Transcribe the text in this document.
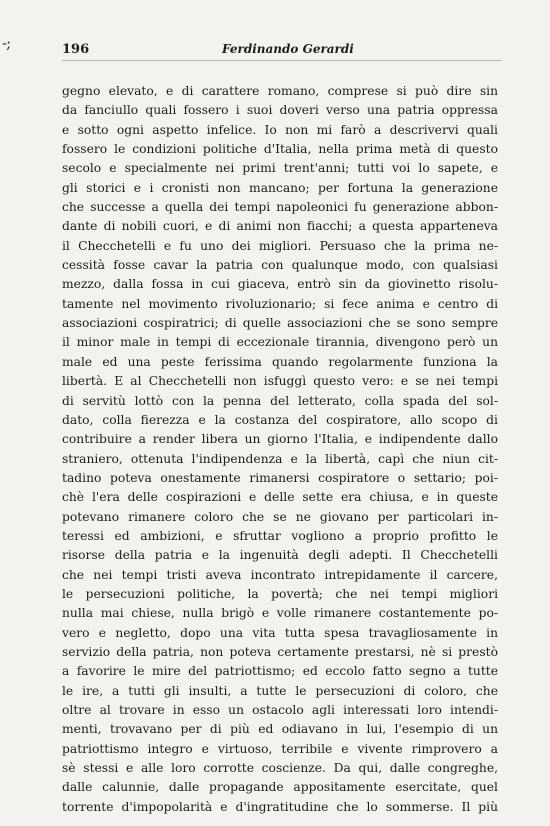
-;	196	Ferdinando Gerardi
gegno elevato, e di carattere romano, comprese si può dire sin
da fanciullo quali fossero i suoi doveri verso una patria oppressa
e sotto ogni aspetto infelice. Io non mi farò a descrivervi quali
fossero le condizioni politiche d'Italia, nella prima metà di questo
secolo e specialmente nei primi trent'anni; tutti voi lo sapete, e
gli storici e i cronisti non mancano; per fortuna la generazione
che successe a quella dei tempi napoleonici fu generazione abbon-
dante di nobili cuori, e di animi non fiacchi; a questa apparteneva
il Checchetelli e fu uno dei migliori. Persuaso che la prima ne-
cessità fosse cavar la patria con qualunque modo, con qualsiasi
mezzo, dalla fossa in cui giaceva, entrò sin da giovinetto risolu-
tamente nel movimento rivoluzionario; si fece anima e centro di
associazioni cospiratrici; di quelle associazioni che se sono sempre
il minor male in tempi di eccezionale tirannia, divengono però un
male ed una peste ferissima quando regolarmente funziona la
libertà. E al Checchetelli non isfuggì questo vero: e se nei tempi
di servitù lottò con la penna del letterato, colla spada del sol-
dato, colla fierezza e la costanza del cospiratore, allo scopo di
contribuire a render libera un giorno l'Italia, e indipendente dallo
straniero, ottenuta l'indipendenza e la libertà, capì che niun cit-
tadino poteva onestamente rimanersi cospiratore o settario; poi-
chè l'era delle cospirazioni e delle sette era chiusa, e in queste
potevano rimanere coloro che se ne giovano per particolari in-
teressi ed ambizioni, e sfruttar vogliono a proprio profitto le
risorse della patria e la ingenuità degli adepti. Il Checchetelli
che nei tempi tristi aveva incontrato intrepidamente il carcere,
le persecuzioni politiche, la povertà; che nei tempi migliori
nulla mai chiese, nulla brigò e volle rimanere costantemente po-
vero e negletto, dopo una vita tutta spesa travagliosamente in
servizio della patria, non poteva certamente prestarsi, nè si prestò
a favorire le mire del patriottismo; ed eccolo fatto segno a tutte
le ire, a tutti gli insulti, a tutte le persecuzioni di coloro, che
oltre al trovare in esso un ostacolo agli interessati loro intendi-
menti, trovavano per di più ed odiavano in lui, l'esempio di un
patriottismo integro e virtuoso, terribile e vivente rimprovero a
sè stessi e alle loro corrotte coscienze. Da qui, dalle congreghe,
dalle calunnie, dalle propagande appositamente esercitate, quel
torrente d'impopolarità e d'ingratitudine che lo sommerse. Il più
